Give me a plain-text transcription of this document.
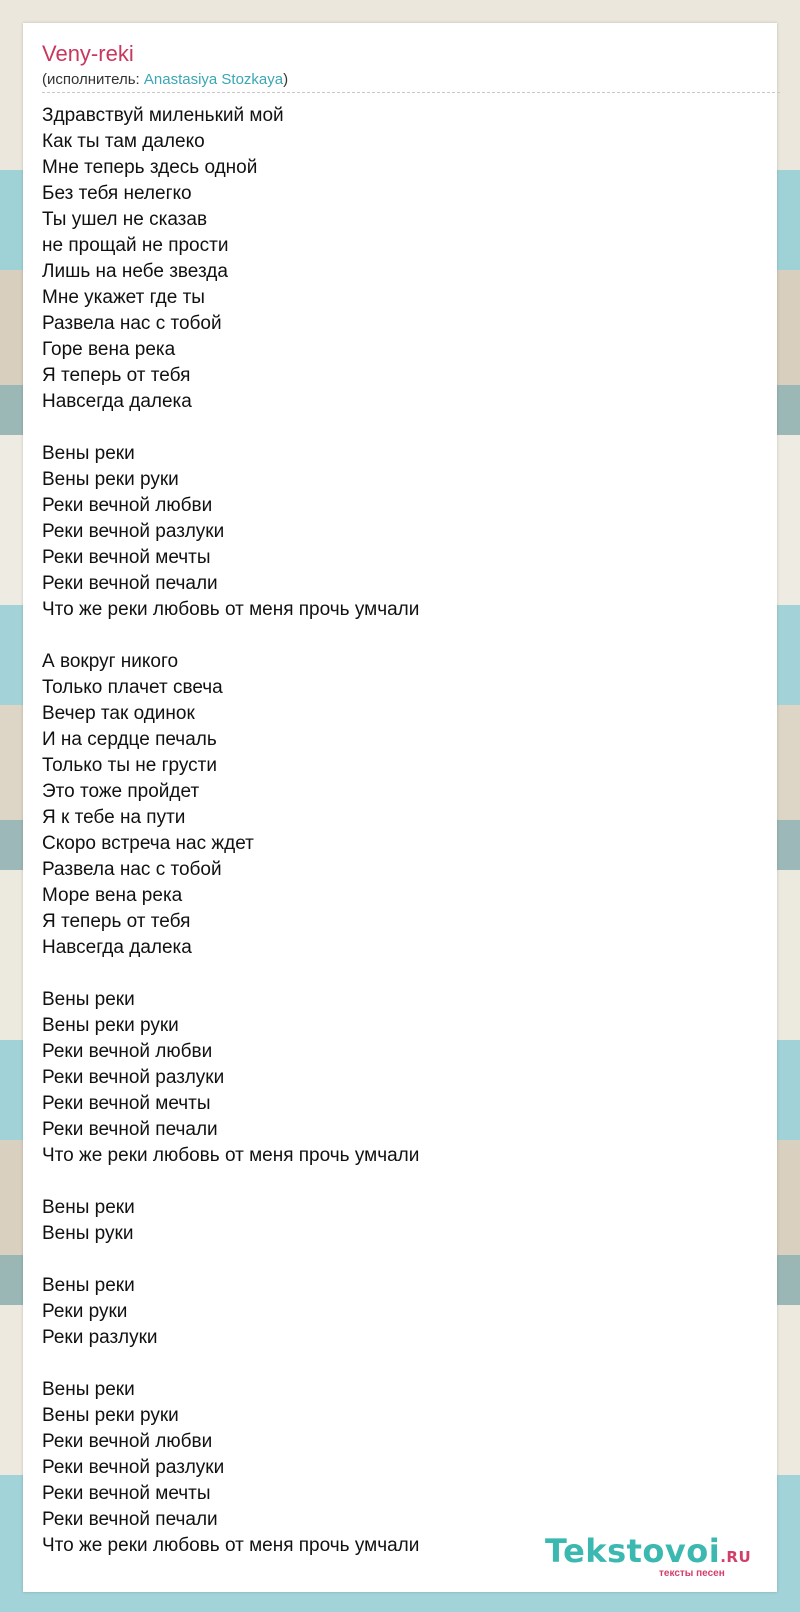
Veny-reki
(исполнитель: Anastasiya Stozkaya)
Здравствуй миленький мой
Как ты там далеко
Мне теперь здесь одной
Без тебя нелегко
Ты ушел не сказав
не прощай не прости
Лишь на небе звезда
Мне укажет где ты
Развела нас с тобой
Горе вена река
Я теперь от тебя
Навсегда далека
Вены реки
Вены реки руки
Реки вечной любви
Реки вечной разлуки
Реки вечной мечты
Реки вечной печали
Что же реки любовь от меня прочь умчали
А вокруг никого
Только плачет свеча
Вечер так одинок
И на сердце печаль
Только ты не грусти
Это тоже пройдет
Я к тебе на пути
Скоро встреча нас ждет
Развела нас с тобой
Море вена река
Я теперь от тебя
Навсегда далека
Вены реки
Вены реки руки
Реки вечной любви
Реки вечной разлуки
Реки вечной мечты
Реки вечной печали
Что же реки любовь от меня прочь умчали
Вены реки
Вены руки
Вены реки
Реки руки
Реки разлуки
Вены реки
Вены реки руки
Реки вечной любви
Реки вечной разлуки
Реки вечной мечты
Реки вечной печали
Что же реки любовь от меня прочь умчали	Tekstovoi.RU
тексты песен
